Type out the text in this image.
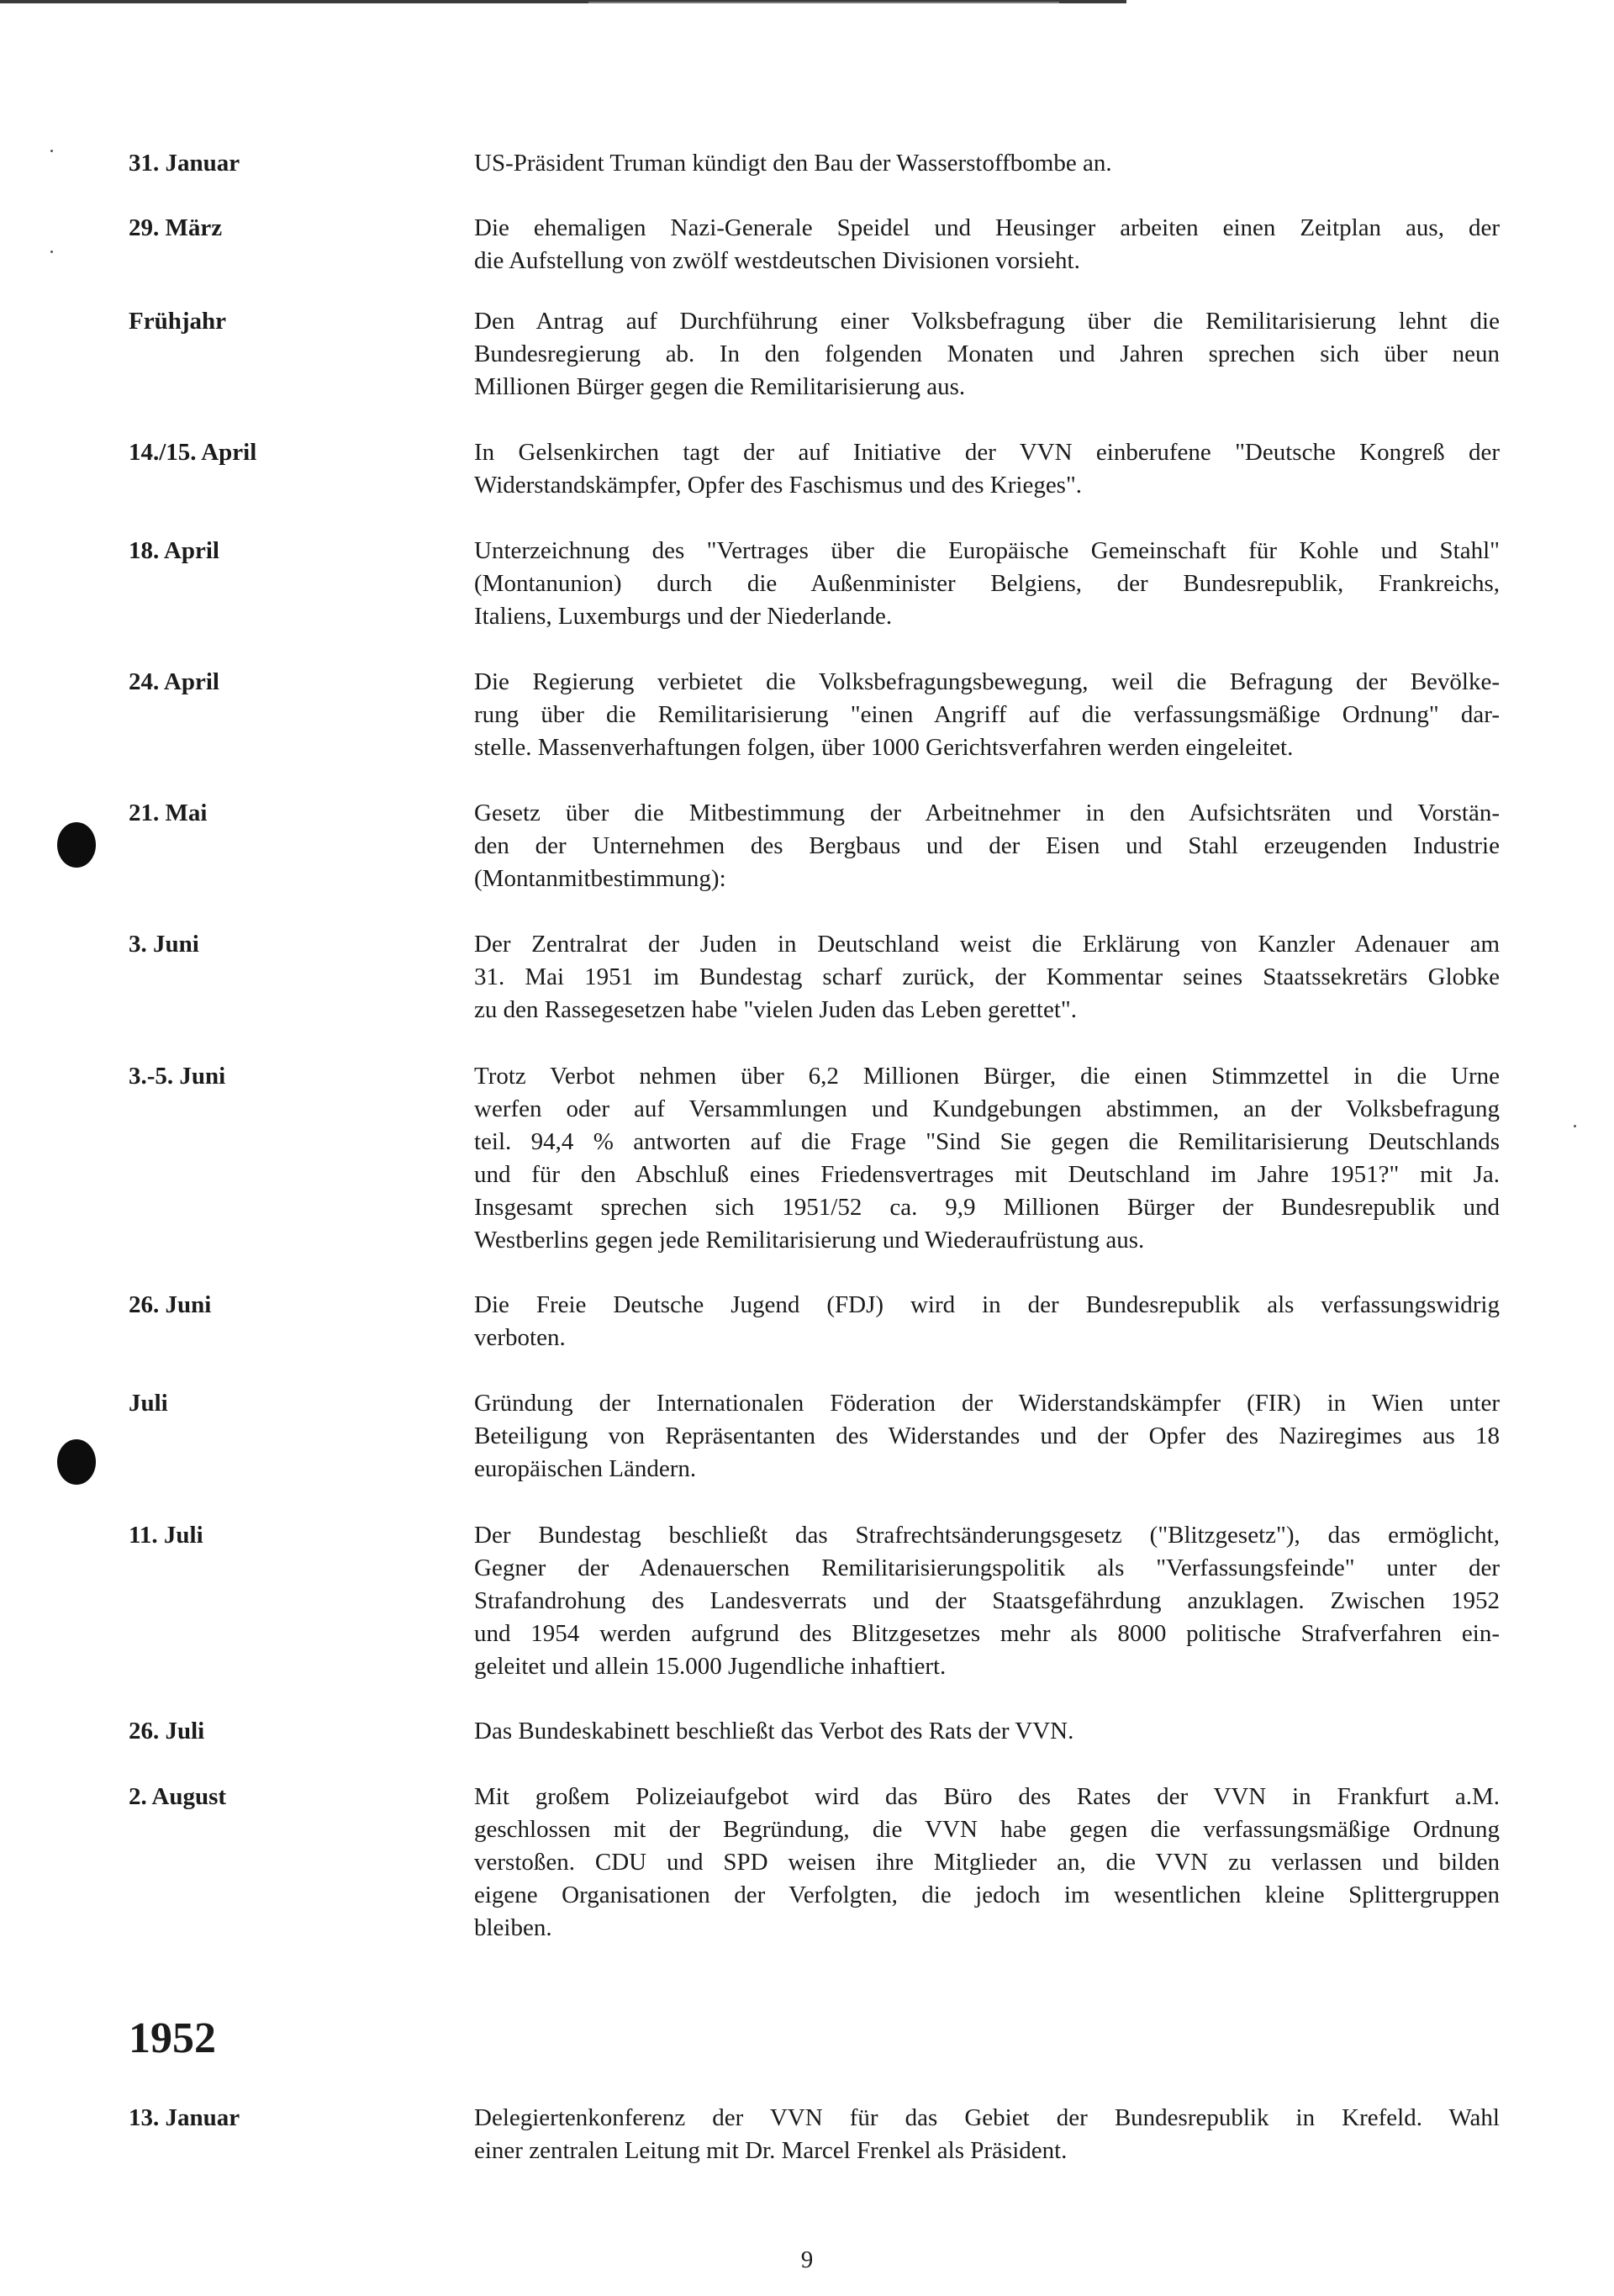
31. Januar	US-Präsident Truman kündigt den Bau der Wasserstoffbombe an.
29. März	Die ehemaligen Nazi-Generale Speidel und Heusinger arbeiten einen Zeitplan aus, der
die Aufstellung von zwölf westdeutschen Divisionen vorsieht.
Frühjahr	Den Antrag auf Durchführung einer Volksbefragung über die Remilitarisierung lehnt die
Bundesregierung ab. In den folgenden Monaten und Jahren sprechen sich über neun
Millionen Bürger gegen die Remilitarisierung aus.
14./15. April	In Gelsenkirchen tagt der auf Initiative der VVN einberufene "Deutsche Kongreß der
Widerstandskämpfer, Opfer des Faschismus und des Krieges".
18. April	Unterzeichnung des "Vertrages über die Europäische Gemeinschaft für Kohle und Stahl"
(Montanunion) durch die Außenminister Belgiens, der Bundesrepublik, Frankreichs,
Italiens, Luxemburgs und der Niederlande.
24. April	Die Regierung verbietet die Volksbefragungsbewegung, weil die Befragung der Bevölke-
rung über die Remilitarisierung "einen Angriff auf die verfassungsmäßige Ordnung" dar-
stelle. Massenverhaftungen folgen, über 1000 Gerichtsverfahren werden eingeleitet.
21. Mai	Gesetz über die Mitbestimmung der Arbeitnehmer in den Aufsichtsräten und Vorstän-
den der Unternehmen des Bergbaus und der Eisen und Stahl erzeugenden Industrie
(Montanmitbestimmung):
3. Juni	Der Zentralrat der Juden in Deutschland weist die Erklärung von Kanzler Adenauer am
31. Mai 1951 im Bundestag scharf zurück, der Kommentar seines Staatssekretärs Globke
zu den Rassegesetzen habe "vielen Juden das Leben gerettet".
3.-5. Juni	Trotz Verbot nehmen über 6,2 Millionen Bürger, die einen Stimmzettel in die Urne
werfen oder auf Versammlungen und Kundgebungen abstimmen, an der Volksbefragung
teil. 94,4 % antworten auf die Frage "Sind Sie gegen die Remilitarisierung Deutschlands
und für den Abschluß eines Friedensvertrages mit Deutschland im Jahre 1951?" mit Ja.
Insgesamt sprechen sich 1951/52 ca. 9,9 Millionen Bürger der Bundesrepublik und
Westberlins gegen jede Remilitarisierung und Wiederaufrüstung aus.
26. Juni	Die Freie Deutsche Jugend (FDJ) wird in der Bundesrepublik als verfassungswidrig
verboten.
Juli	Gründung der Internationalen Föderation der Widerstandskämpfer (FIR) in Wien unter
Beteiligung von Repräsentanten des Widerstandes und der Opfer des Naziregimes aus 18
europäischen Ländern.
11. Juli	Der Bundestag beschließt das Strafrechtsänderungsgesetz ("Blitzgesetz"), das ermöglicht,
Gegner der Adenauerschen Remilitarisierungspolitik als "Verfassungsfeinde" unter der
Strafandrohung des Landesverrats und der Staatsgefährdung anzuklagen. Zwischen 1952
und 1954 werden aufgrund des Blitzgesetzes mehr als 8000 politische Strafverfahren ein-
geleitet und allein 15.000 Jugendliche inhaftiert.
26. Juli	Das Bundeskabinett beschließt das Verbot des Rats der VVN.
2. August	Mit großem Polizeiaufgebot wird das Büro des Rates der VVN in Frankfurt a.M.
geschlossen mit der Begründung, die VVN habe gegen die verfassungsmäßige Ordnung
verstoßen. CDU und SPD weisen ihre Mitglieder an, die VVN zu verlassen und bilden
eigene Organisationen der Verfolgten, die jedoch im wesentlichen kleine Splittergruppen
bleiben.
1952
13. Januar	Delegiertenkonferenz der VVN für das Gebiet der Bundesrepublik in Krefeld. Wahl
einer zentralen Leitung mit Dr. Marcel Frenkel als Präsident.
9
